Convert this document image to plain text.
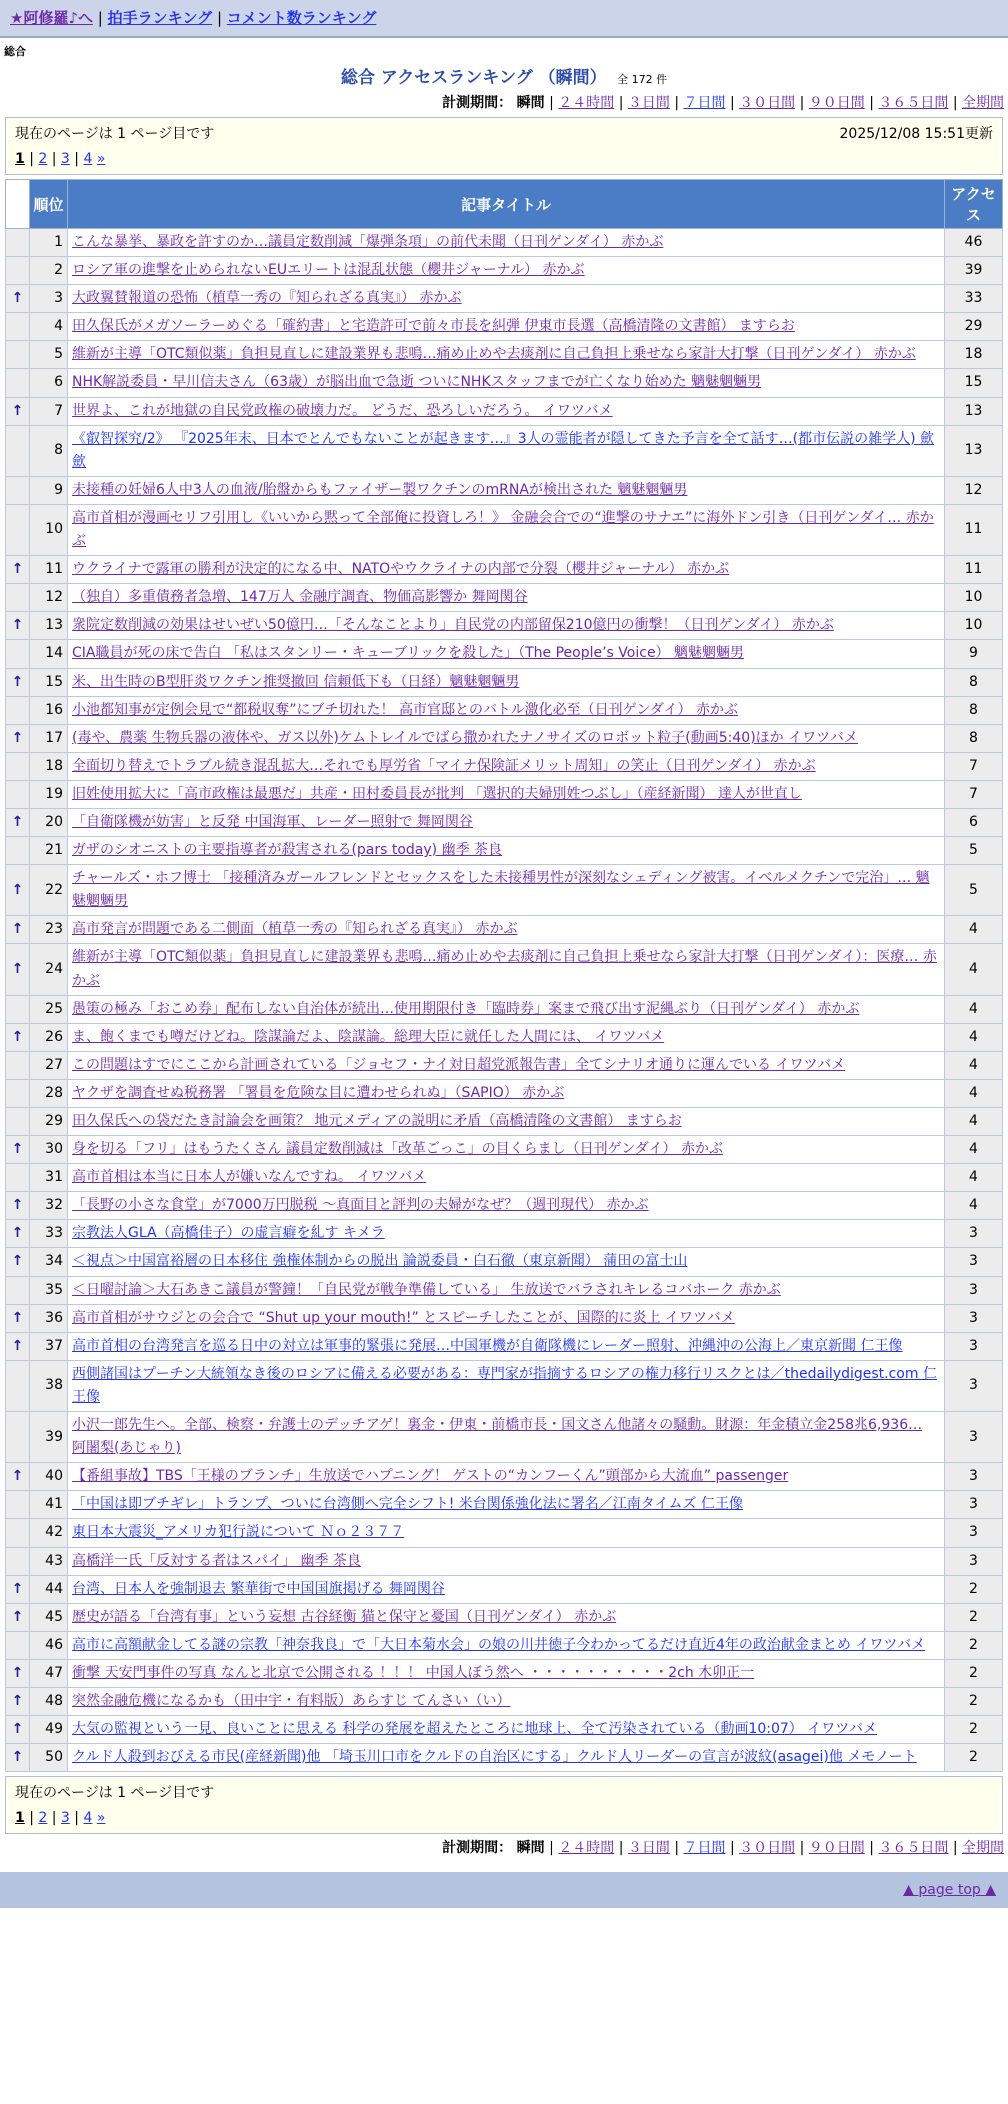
★阿修羅♪へ | 拍手ランキング | コメント数ランキング
総合
総合 アクセスランキング （瞬間） 全 172 件
計測期間： 瞬間 | ２４時間 | ３日間 | ７日間 | ３０日間 | ９０日間 | ３６５日間 | 全期間
現在のページは 1 ページ目です	2025/12/08 15:51更新
1 | 2 | 3 | 4 »
	順位	記事タイトル	アクセス
	1	こんな暴挙、暴政を許すのか…議員定数削減「爆弾条項」の前代未聞（日刊ゲンダイ） 赤かぶ	46
	2	ロシア軍の進撃を止められないEUエリートは混乱状態（櫻井ジャーナル） 赤かぶ	39
↑	3	大政翼賛報道の恐怖（植草一秀の『知られざる真実』） 赤かぶ	33
	4	田久保氏がメガソーラーめぐる「確約書」と宅造許可で前々市長を糾弾 伊東市長選（高橋清隆の文書館） ますらお	29
	5	維新が主導「OTC類似薬」負担見直しに建設業界も悲鳴…痛め止めや去痰剤に自己負担上乗せなら家計大打撃（日刊ゲンダイ） 赤かぶ	18
	6	NHK解説委員・早川信夫さん（63歳）が脳出血で急逝 ついにNHKスタッフまでが亡くなり始めた 魑魅魍魎男	15
↑	7	世界よ、これが地獄の自民党政権の破壊力だ。 どうだ、恐ろしいだろう。 イワツバメ	13
	8	《叡智探究/2》 『2025年末、日本でとんでもないことが起きます…』3人の霊能者が隠してきた予言を全て話す…(都市伝説の雑学人) 歛歛	13
	9	未接種の妊婦6人中3人の血液/胎盤からもファイザー製ワクチンのmRNAが検出された 魑魅魍魎男	12
	10	高市首相が漫画セリフ引用し《いいから黙って全部俺に投資しろ！》 金融会合での“進撃のサナエ”に海外ドン引き（日刊ゲンダイ… 赤かぶ	11
↑	11	ウクライナで露軍の勝利が決定的になる中、NATOやウクライナの内部で分裂（櫻井ジャーナル） 赤かぶ	11
	12	（独自）多重債務者急増、147万人 金融庁調査、物価高影響か 舞岡関谷	10
↑	13	衆院定数削減の効果はせいぜい50億円…「そんなことより」自民党の内部留保210億円の衝撃！（日刊ゲンダイ） 赤かぶ	10
	14	CIA職員が死の床で告白 「私はスタンリー・キューブリックを殺した」（The People’s Voice） 魑魅魍魎男	9
↑	15	米、出生時のB型肝炎ワクチン推奨撤回 信頼低下も（日経）魑魅魍魎男	8
	16	小池都知事が定例会見で“都税収奪”にブチ切れた！ 高市官邸とのバトル激化必至（日刊ゲンダイ） 赤かぶ	8
↑	17	(毒や、農薬 生物兵器の液体や、ガス以外)ケムトレイルでばら撒かれたナノサイズのロボット粒子(動画5:40)ほか イワツバメ	8
	18	全面切り替えでトラブル続き混乱拡大…それでも厚労省「マイナ保険証メリット周知」の笑止（日刊ゲンダイ） 赤かぶ	7
	19	旧姓使用拡大に「高市政権は最悪だ」共産・田村委員長が批判 「選択的夫婦別姓つぶし」（産経新聞） 達人が世直し	7
↑	20	「自衛隊機が妨害」と反発 中国海軍、レーダー照射で 舞岡関谷	6
	21	ガザのシオニストの主要指導者が殺害される(pars today) 幽季 茶良	5
↑	22	チャールズ・ホフ博士 「接種済みガールフレンドとセックスをした未接種男性が深刻なシェディング被害。イベルメクチンで完治」… 魑魅魍魎男	5
↑	23	高市発言が問題である二側面（植草一秀の『知られざる真実』） 赤かぶ	4
↑	24	維新が主導「OTC類似薬」負担見直しに建設業界も悲鳴…痛め止めや去痰剤に自己負担上乗せなら家計大打撃（日刊ゲンダイ）：医療… 赤かぶ	4
	25	愚策の極み「おこめ券」配布しない自治体が続出…使用期限付き「臨時券」案まで飛び出す泥縄ぶり（日刊ゲンダイ） 赤かぶ	4
↑	26	ま、飽くまでも噂だけどね。陰謀論だよ、陰謀論。総理大臣に就任した人間には、 イワツバメ	4
	27	この問題はすでにここから計画されている「ジョセフ・ナイ対日超党派報告書」全てシナリオ通りに運んでいる イワツバメ	4
	28	ヤクザを調査せぬ税務署 「署員を危険な目に遭わせられぬ」（SAPIO） 赤かぶ	4
	29	田久保氏への袋だたき討論会を画策？ 地元メディアの説明に矛盾（高橋清隆の文書館） ますらお	4
↑	30	身を切る「フリ」はもうたくさん 議員定数削減は「改革ごっこ」の目くらまし（日刊ゲンダイ） 赤かぶ	4
	31	高市首相は本当に日本人が嫌いなんですね。 イワツバメ	4
↑	32	「長野の小さな食堂」が7000万円脱税 ～真面目と評判の夫婦がなぜ？（週刊現代） 赤かぶ	4
↑	33	宗教法人GLA（高橋佳子）の虚言癖を糺す キメラ	3
↑	34	＜視点＞中国富裕層の日本移住 強権体制からの脱出 論説委員・白石徹（東京新聞） 蒲田の富士山	3
	35	＜日曜討論＞大石あきこ議員が警鐘！「自民党が戦争準備している」 生放送でバラされキレるコバホーク 赤かぶ	3
↑	36	高市首相がサウジとの会合で “Shut up your mouth!” とスピーチしたことが、国際的に炎上 イワツバメ	3
↑	37	高市首相の台湾発言を巡る日中の対立は軍事的緊張に発展…中国軍機が自衛隊機にレーダー照射、沖縄沖の公海上／東京新聞 仁王像	3
	38	西側諸国はプーチン大統領なき後のロシアに備える必要がある：専門家が指摘するロシアの権力移行リスクとは／thedailydigest.com 仁王像	3
	39	小沢一郎先生へ。全部、検察・弁護士のデッチアゲ！裏金・伊東・前橋市長・国文さん他諸々の騒動。財源：年金積立金258兆6,936… 阿闍梨(あじゃり)	3
↑	40	【番組事故】TBS「王様のブランチ」生放送でハプニング！ ゲストの“カンフーくん”頭部から大流血” passenger	3
	41	「中国は即ブチギレ」トランプ、ついに台湾側へ完全シフト! 米台関係強化法に署名／江南タイムズ 仁王像	3
	42	東日本大震災_アメリカ犯行説について Ｎｏ２３７７	3
	43	高橋洋一氏「反対する者はスパイ」 幽季 茶良	3
↑	44	台湾、日本人を強制退去 繁華街で中国国旗掲げる 舞岡関谷	2
↑	45	歴史が語る「台湾有事」という妄想 古谷経衡 猫と保守と憂国（日刊ゲンダイ） 赤かぶ	2
	46	高市に高額献金してる謎の宗教「神奈我良」で「大日本菊水会」の娘の川井徳子今わかってるだけ直近4年の政治献金まとめ イワツバメ	2
↑	47	衝撃 天安門事件の写真 なんと北京で公開される ！！！ 中国人ぼう然へ ・・・・・・・・・・2ch 木卯正一	2
↑	48	突然金融危機になるかも（田中宇・有料版）あらすじ てんさい（い）	2
↑	49	大気の監視という一見、良いことに思える 科学の発展を超えたところに地球上、全て汚染されている（動画10:07） イワツバメ	2
↑	50	クルド人殺到おびえる市民(産経新聞)他 「埼玉川口市をクルドの自治区にする」クルド人リーダーの宣言が波紋(asagei)他 メモノート	2
現在のページは 1 ページ目です
1 | 2 | 3 | 4 »
計測期間： 瞬間 | ２４時間 | ３日間 | ７日間 | ３０日間 | ９０日間 | ３６５日間 | 全期間
▲ page top ▲
